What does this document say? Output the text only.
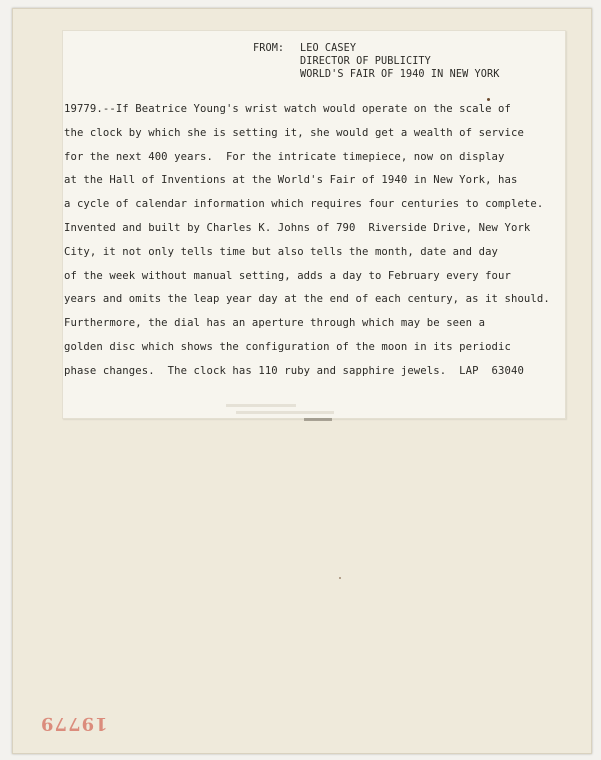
FROM: LEO CASEY
DIRECTOR OF PUBLICITY
WORLD'S FAIR OF 1940 IN NEW YORK
19779.--If Beatrice Young's wrist watch would operate on the scale of
the clock by which she is setting it, she would get a wealth of service
for the next 400 years.  For the intricate timepiece, now on display
at the Hall of Inventions at the World's Fair of 1940 in New York, has
a cycle of calendar information which requires four centuries to complete.
Invented and built by Charles K. Johns of 790  Riverside Drive, New York
City, it not only tells time but also tells the month, date and day
of the week without manual setting, adds a day to February every four
years and omits the leap year day at the end of each century, as it should.
Furthermore, the dial has an aperture through which may be seen a
golden disc which shows the configuration of the moon in its periodic
phase changes.  The clock has 110 ruby and sapphire jewels.  LAP  63040
19779
